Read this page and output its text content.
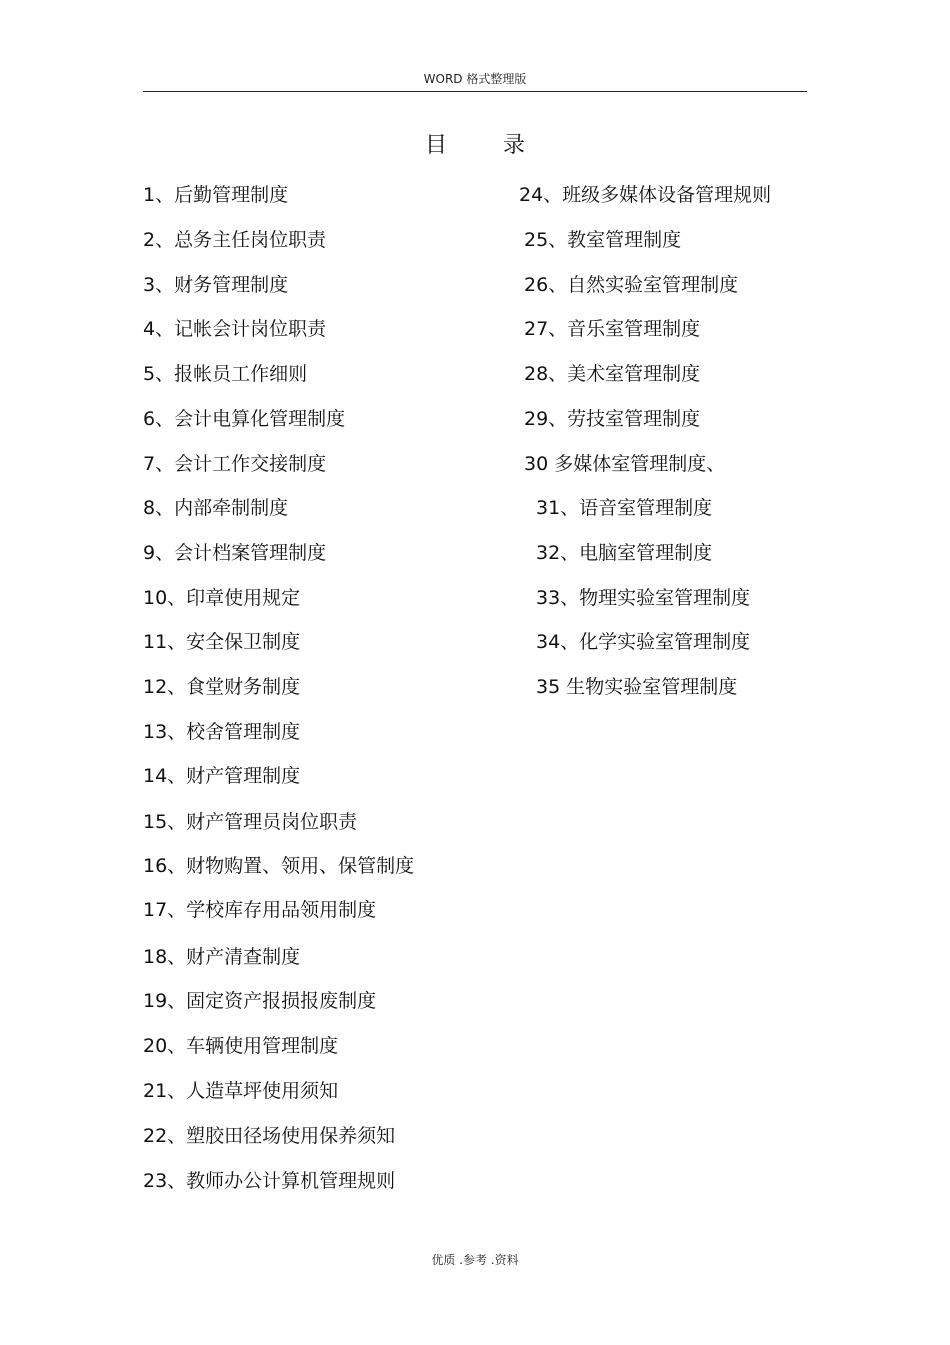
WORD 格式整理版
目	录
1、后勤管理制度
2、总务主任岗位职责
3、财务管理制度
4、记帐会计岗位职责
5、报帐员工作细则
6、会计电算化管理制度
7、会计工作交接制度
8、内部牵制制度
9、会计档案管理制度
10、印章使用规定
11、安全保卫制度
12、食堂财务制度
13、校舍管理制度
14、财产管理制度
15、财产管理员岗位职责
16、财物购置、领用、保管制度
17、学校库存用品领用制度
18、财产清查制度
19、固定资产报损报废制度
20、车辆使用管理制度
21、人造草坪使用须知
22、塑胶田径场使用保养须知
23、教师办公计算机管理规则
24、班级多媒体设备管理规则
25、教室管理制度
26、自然实验室管理制度
27、音乐室管理制度
28、美术室管理制度
29、劳技室管理制度
30 多媒体室管理制度、
31、语音室管理制度
32、电脑室管理制度
33、物理实验室管理制度
34、化学实验室管理制度
35 生物实验室管理制度
优质 .参考 .资料
